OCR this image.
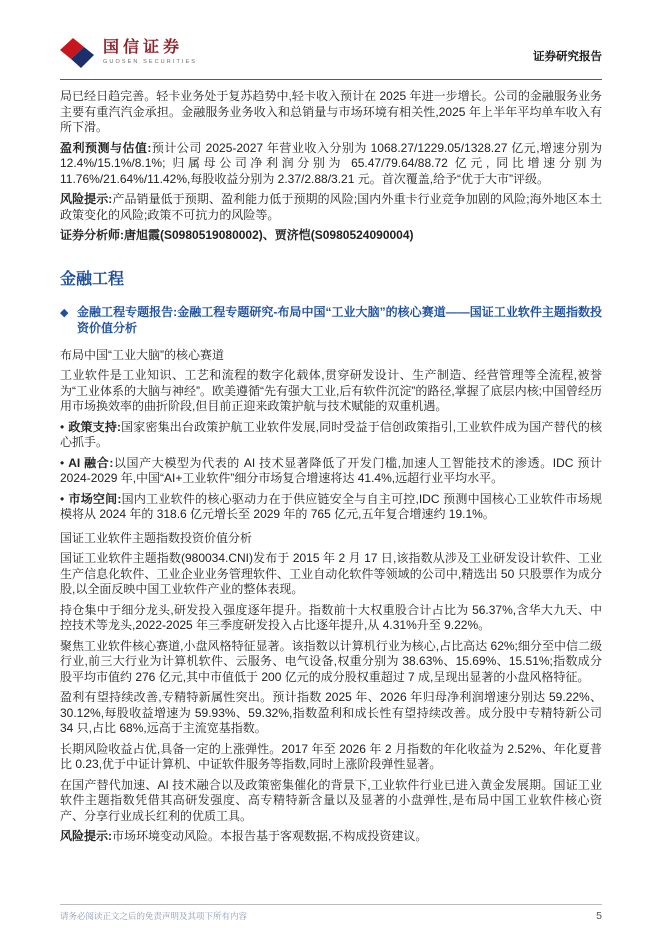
国信证券
GUOSEN SECURITIES	证券研究报告

局已经日趋完善。轻卡业务处于复苏趋势中,轻卡收入预计在 2025 年进一步增长。公司的金融服务业务主要有重汽汽金承担。金融服务业务收入和总销量与市场环境有相关性,2025 年上半年平均单车收入有所下滑。

盈利预测与估值:预计公司 2025-2027 年营业收入分别为 1068.27/1229.05/1328.27 亿元,增速分别为 12.4%/15.1%/8.1%; 归属母公司净利润分别为 65.47/79.64/88.72 亿元, 同比增速分别为 11.76%/21.64%/11.42%,每股收益分别为 2.37/2.88/3.21 元。首次覆盖,给予“优于大市”评级。

风险提示:产品销量低于预期、盈利能力低于预期的风险;国内外重卡行业竞争加剧的风险;海外地区本土政策变化的风险;政策不可抗力的风险等。

证券分析师:唐旭霞(S0980519080002)、贾济恺(S0980524090004)

金融工程
◆ 金融工程专题报告:金融工程专题研究-布局中国“工业大脑”的核心赛道——国证工业软件主题指数投资价值分析

布局中国“工业大脑”的核心赛道

工业软件是工业知识、工艺和流程的数字化载体,贯穿研发设计、生产制造、经营管理等全流程,被誉为“工业体系的大脑与神经”。欧美遵循“先有强大工业,后有软件沉淀”的路径,掌握了底层内核;中国曾经历用市场换效率的曲折阶段,但目前正迎来政策护航与技术赋能的双重机遇。

• 政策支持:国家密集出台政策护航工业软件发展,同时受益于信创政策指引,工业软件成为国产替代的核心抓手。

• AI 融合:以国产大模型为代表的 AI 技术显著降低了开发门槛,加速人工智能技术的渗透。IDC 预计 2024-2029 年,中国“AI+工业软件”细分市场复合增速将达 41.4%,远超行业平均水平。

• 市场空间:国内工业软件的核心驱动力在于供应链安全与自主可控,IDC 预测中国核心工业软件市场规模将从 2024 年的 318.6 亿元增长至 2029 年的 765 亿元,五年复合增速约 19.1%。

国证工业软件主题指数投资价值分析

国证工业软件主题指数(980034.CNI)发布于 2015 年 2 月 17 日,该指数从涉及工业研发设计软件、工业生产信息化软件、工业企业业务管理软件、工业自动化软件等领域的公司中,精选出 50 只股票作为成分股,以全面反映中国工业软件产业的整体表现。

持仓集中于细分龙头,研发投入强度逐年提升。指数前十大权重股合计占比为 56.37%,含华大九天、中控技术等龙头,2022-2025 年三季度研发投入占比逐年提升,从 4.31%升至 9.22%。

聚焦工业软件核心赛道,小盘风格特征显著。该指数以计算机行业为核心,占比高达 62%;细分至中信二级行业,前三大行业为计算机软件、云服务、电气设备,权重分别为 38.63%、15.69%、15.51%;指数成分股平均市值约 276 亿元,其中市值低于 200 亿元的成分股权重超过 7 成,呈现出显著的小盘风格特征。

盈利有望持续改善,专精特新属性突出。预计指数 2025 年、2026 年归母净利润增速分别达 59.22%、30.12%,每股收益增速为 59.93%、59.32%,指数盈利和成长性有望持续改善。成分股中专精特新公司 34 只,占比 68%,远高于主流宽基指数。

长期风险收益占优,具备一定的上涨弹性。2017 年至 2026 年 2 月指数的年化收益为 2.52%、年化夏普比 0.23,优于中证计算机、中证软件服务等指数,同时上涨阶段弹性显著。

在国产替代加速、AI 技术融合以及政策密集催化的背景下,工业软件行业已进入黄金发展期。国证工业软件主题指数凭借其高研发强度、高专精特新含量以及显著的小盘弹性,是布局中国工业软件核心资产、分享行业成长红利的优质工具。

风险提示:市场环境变动风险。本报告基于客观数据,不构成投资建议。

请务必阅读正文之后的免责声明及其项下所有内容	5
